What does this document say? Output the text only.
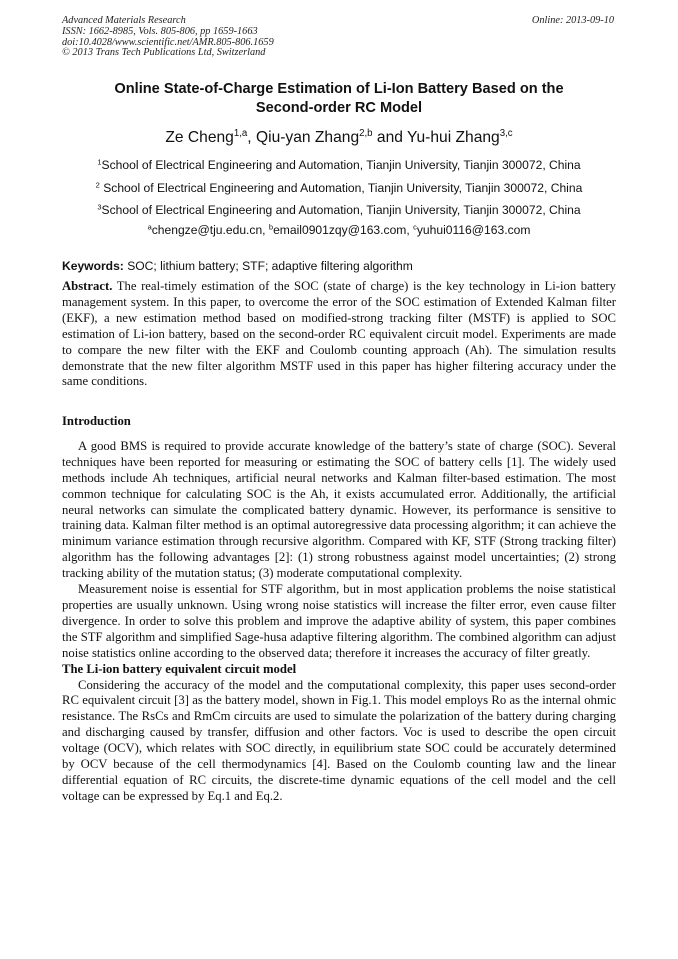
Advanced Materials Research
ISSN: 1662-8985, Vols. 805-806, pp 1659-1663
doi:10.4028/www.scientific.net/AMR.805-806.1659
© 2013 Trans Tech Publications Ltd, Switzerland
Online: 2013-09-10
Online State-of-Charge Estimation of Li-Ion Battery Based on the
Second-order RC Model
Ze Cheng$^{1,a}$, Qiu-yan Zhang$^{2,b}$ and Yu-hui Zhang$^{3,c}$
$^1$School of Electrical Engineering and Automation, Tianjin University, Tianjin 300072, China
$^2$ School of Electrical Engineering and Automation, Tianjin University, Tianjin 300072, China
$^3$School of Electrical Engineering and Automation, Tianjin University, Tianjin 300072, China
$^a$chengze@tju.edu.cn, $^b$email0901zqy@163.com, $^c$yuhui0116@163.com
Keywords: SOC; lithium battery; STF; adaptive filtering algorithm

Abstract. The real-timely estimation of the SOC (state of charge) is the key technology in Li-ion battery management system. In this paper, to overcome the error of the SOC estimation of Extended Kalman filter (EKF), a new estimation method based on modified-strong tracking filter (MSTF) is applied to SOC estimation of Li-ion battery, based on the second-order RC equivalent circuit model. Experiments are made to compare the new filter with the EKF and Coulomb counting approach (Ah). The simulation results demonstrate that the new filter algorithm MSTF used in this paper has higher filtering accuracy under the same conditions.

Introduction

A good BMS is required to provide accurate knowledge of the battery’s state of charge (SOC). Several techniques have been reported for measuring or estimating the SOC of battery cells [1]. The widely used methods include Ah techniques, artificial neural networks and Kalman filter-based estimation. The most common technique for calculating SOC is the Ah, it exists accumulated error. Additionally, the artificial neural networks can simulate the complicated battery dynamic. However, its performance is sensitive to training data. Kalman filter method is an optimal autoregressive data processing algorithm; it can achieve the minimum variance estimation through recursive algorithm. Compared with KF, STF (Strong tracking filter) algorithm has the following advantages [2]: (1) strong robustness against model uncertainties; (2) strong tracking ability of the mutation status; (3) moderate computational complexity.

Measurement noise is essential for STF algorithm, but in most application problems the noise statistical properties are usually unknown. Using wrong noise statistics will increase the filter error, even cause filter divergence. In order to solve this problem and improve the adaptive ability of system, this paper combines the STF algorithm and simplified Sage-husa adaptive filtering algorithm. The combined algorithm can adjust noise statistics online according to the observed data; therefore it increases the accuracy of filter greatly.

The Li-ion battery equivalent circuit model

Considering the accuracy of the model and the computational complexity, this paper uses second-order RC equivalent circuit [3] as the battery model, shown in Fig.1. This model employs Ro as the internal ohmic resistance. The RsCs and RmCm circuits are used to simulate the polarization of the battery during charging and discharging caused by transfer, diffusion and other factors. Voc is used to describe the open circuit voltage (OCV), which relates with SOC directly, in equilibrium state SOC could be accurately determined by OCV because of the cell thermodynamics [4]. Based on the Coulomb counting law and the linear differential equation of RC circuits, the discrete-time dynamic equations of the cell model and the cell voltage can be expressed by Eq.1 and Eq.2.
